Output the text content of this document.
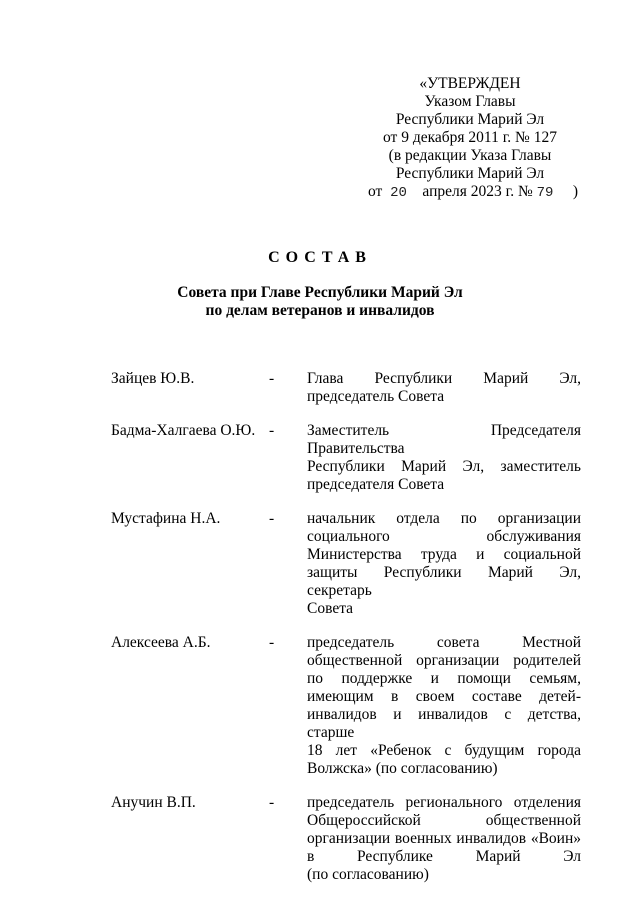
«УТВЕРЖДЕН
Указом Главы
Республики Марий Эл
от 9 декабря 2011 г. № 127
(в редакции Указа Главы
Республики Марий Эл
от 20 апреля 2023 г. № 79 )
СОСТАВ
Совета при Главе Республики Марий Эл
по делам ветеранов и инвалидов
Зайцев Ю.В.	-	Глава Республики Марий Эл,
председатель Совета
Бадма-Халгаева О.Ю. -	Заместитель Председателя Правительства
Республики Марий Эл, заместитель
председателя Совета
Мустафина Н.А.	-	начальник отдела по организации
социального обслуживания
Министерства труда и социальной
защиты Республики Марий Эл, секретарь
Совета
Алексеева А.Б.	-	председатель совета Местной
общественной организации родителей
по поддержке и помощи семьям,
имеющим в своем составе детей-
инвалидов и инвалидов с детства, старше
18 лет «Ребенок с будущим города
Волжска» (по согласованию)
Анучин В.П.	-	председатель регионального отделения
Общероссийской общественной
организации военных инвалидов «Воин»
в Республике Марий Эл
(по согласованию)
